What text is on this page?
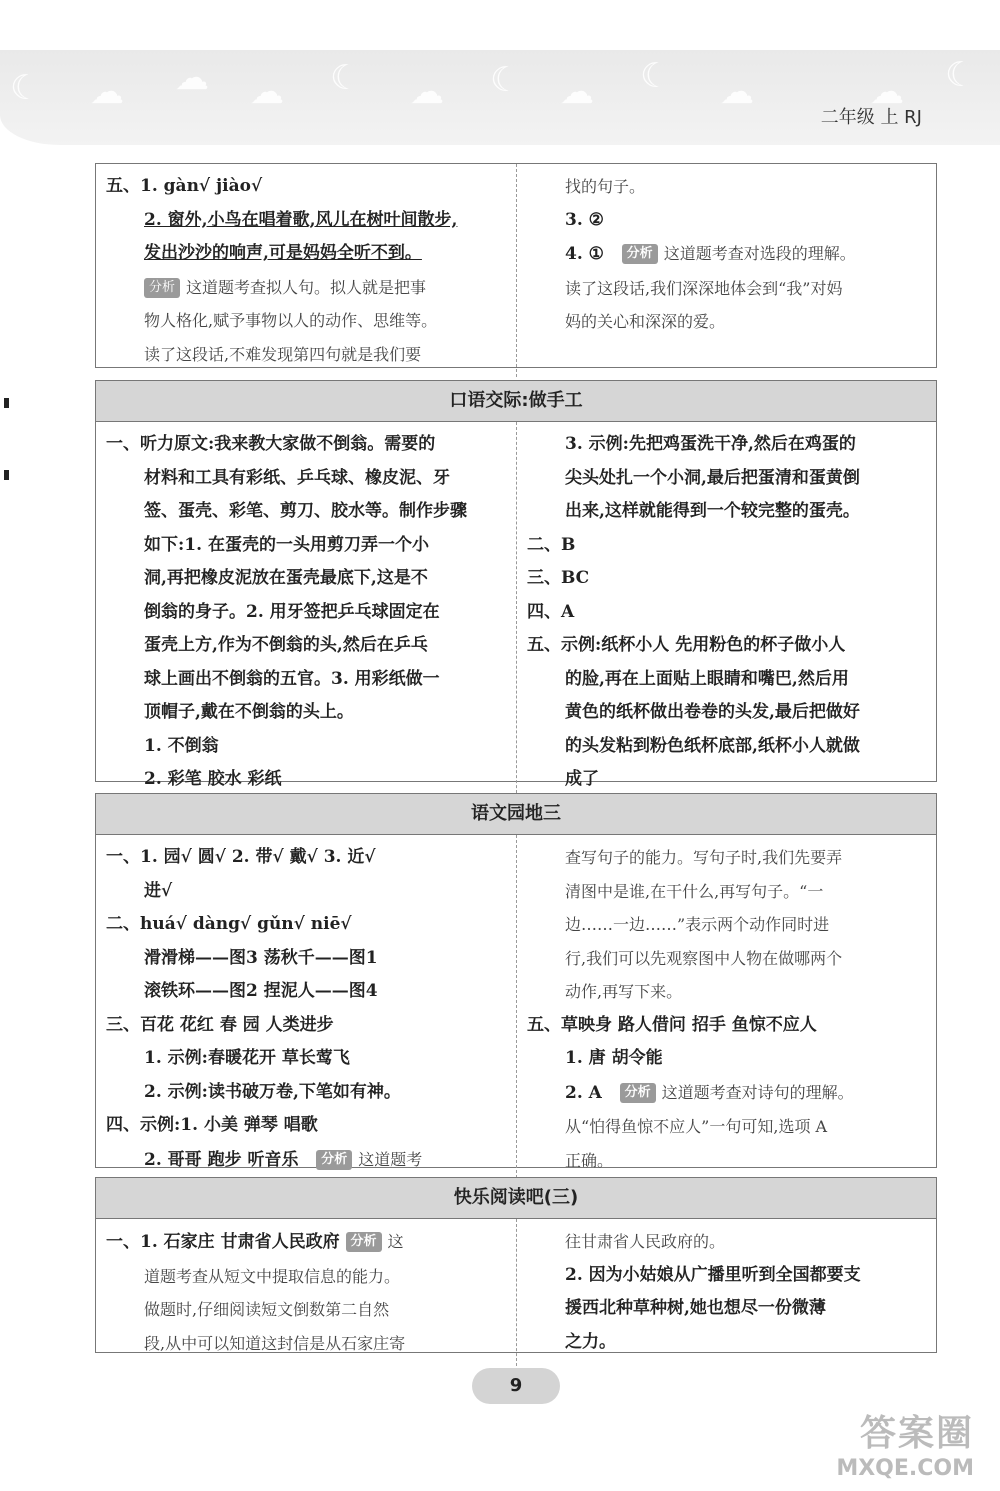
☾ ☁ ☁ ☁ ☾ ☁ ☾ ☁ ☾ ☁	☁ ☾
二年级 上 RJ
五、1. gàn√ jiào√
2. 窗外,小鸟在唱着歌,风儿在树叶间散步,
发出沙沙的响声,可是妈妈全听不到。
分析 这道题考查拟人句。拟人就是把事
物人格化,赋予事物以人的动作、思维等。
读了这段话,不难发现第四句就是我们要
找的句子。
3. ②
4. ① 分析 这道题考查对选段的理解。
读了这段话,我们深深地体会到“我”对妈
妈的关心和深深的爱。
口语交际:做手工
一、听力原文:我来教大家做不倒翁。需要的
材料和工具有彩纸、乒乓球、橡皮泥、牙
签、蛋壳、彩笔、剪刀、胶水等。制作步骤
如下:1. 在蛋壳的一头用剪刀弄一个小
洞,再把橡皮泥放在蛋壳最底下,这是不
倒翁的身子。2. 用牙签把乒乓球固定在
蛋壳上方,作为不倒翁的头,然后在乒乓
球上画出不倒翁的五官。3. 用彩纸做一
顶帽子,戴在不倒翁的头上。
1. 不倒翁
2. 彩笔 胶水 彩纸
3. 示例:先把鸡蛋洗干净,然后在鸡蛋的
尖头处扎一个小洞,最后把蛋清和蛋黄倒
出来,这样就能得到一个较完整的蛋壳。
二、B
三、BC
四、A
五、示例:纸杯小人 先用粉色的杯子做小人
的脸,再在上面贴上眼睛和嘴巴,然后用
黄色的纸杯做出卷卷的头发,最后把做好
的头发粘到粉色纸杯底部,纸杯小人就做
成了
语文园地三
一、1. 园√ 圆√ 2. 带√ 戴√ 3. 近√
进√
二、huá√ dàng√ gǔn√ niē√
滑滑梯——图3 荡秋千——图1
滚铁环——图2 捏泥人——图4
三、百花 花红 春 园 人类进步
1. 示例:春暖花开 草长莺飞
2. 示例:读书破万卷,下笔如有神。
四、示例:1. 小美 弹琴 唱歌
2. 哥哥 跑步 听音乐 分析 这道题考
查写句子的能力。写句子时,我们先要弄
清图中是谁,在干什么,再写句子。“一
边……一边……”表示两个动作同时进
行,我们可以先观察图中人物在做哪两个
动作,再写下来。
五、草映身 路人借问 招手 鱼惊不应人
1. 唐 胡令能
2. A 分析 这道题考查对诗句的理解。
从“怕得鱼惊不应人”一句可知,选项 A
正确。
快乐阅读吧(三)
一、1. 石家庄 甘肃省人民政府 分析 这
道题考查从短文中提取信息的能力。
做题时,仔细阅读短文倒数第二自然
段,从中可以知道这封信是从石家庄寄
往甘肃省人民政府的。
2. 因为小姑娘从广播里听到全国都要支
援西北种草种树,她也想尽一份微薄
之力。
9
答案圈
MXQE.COM
